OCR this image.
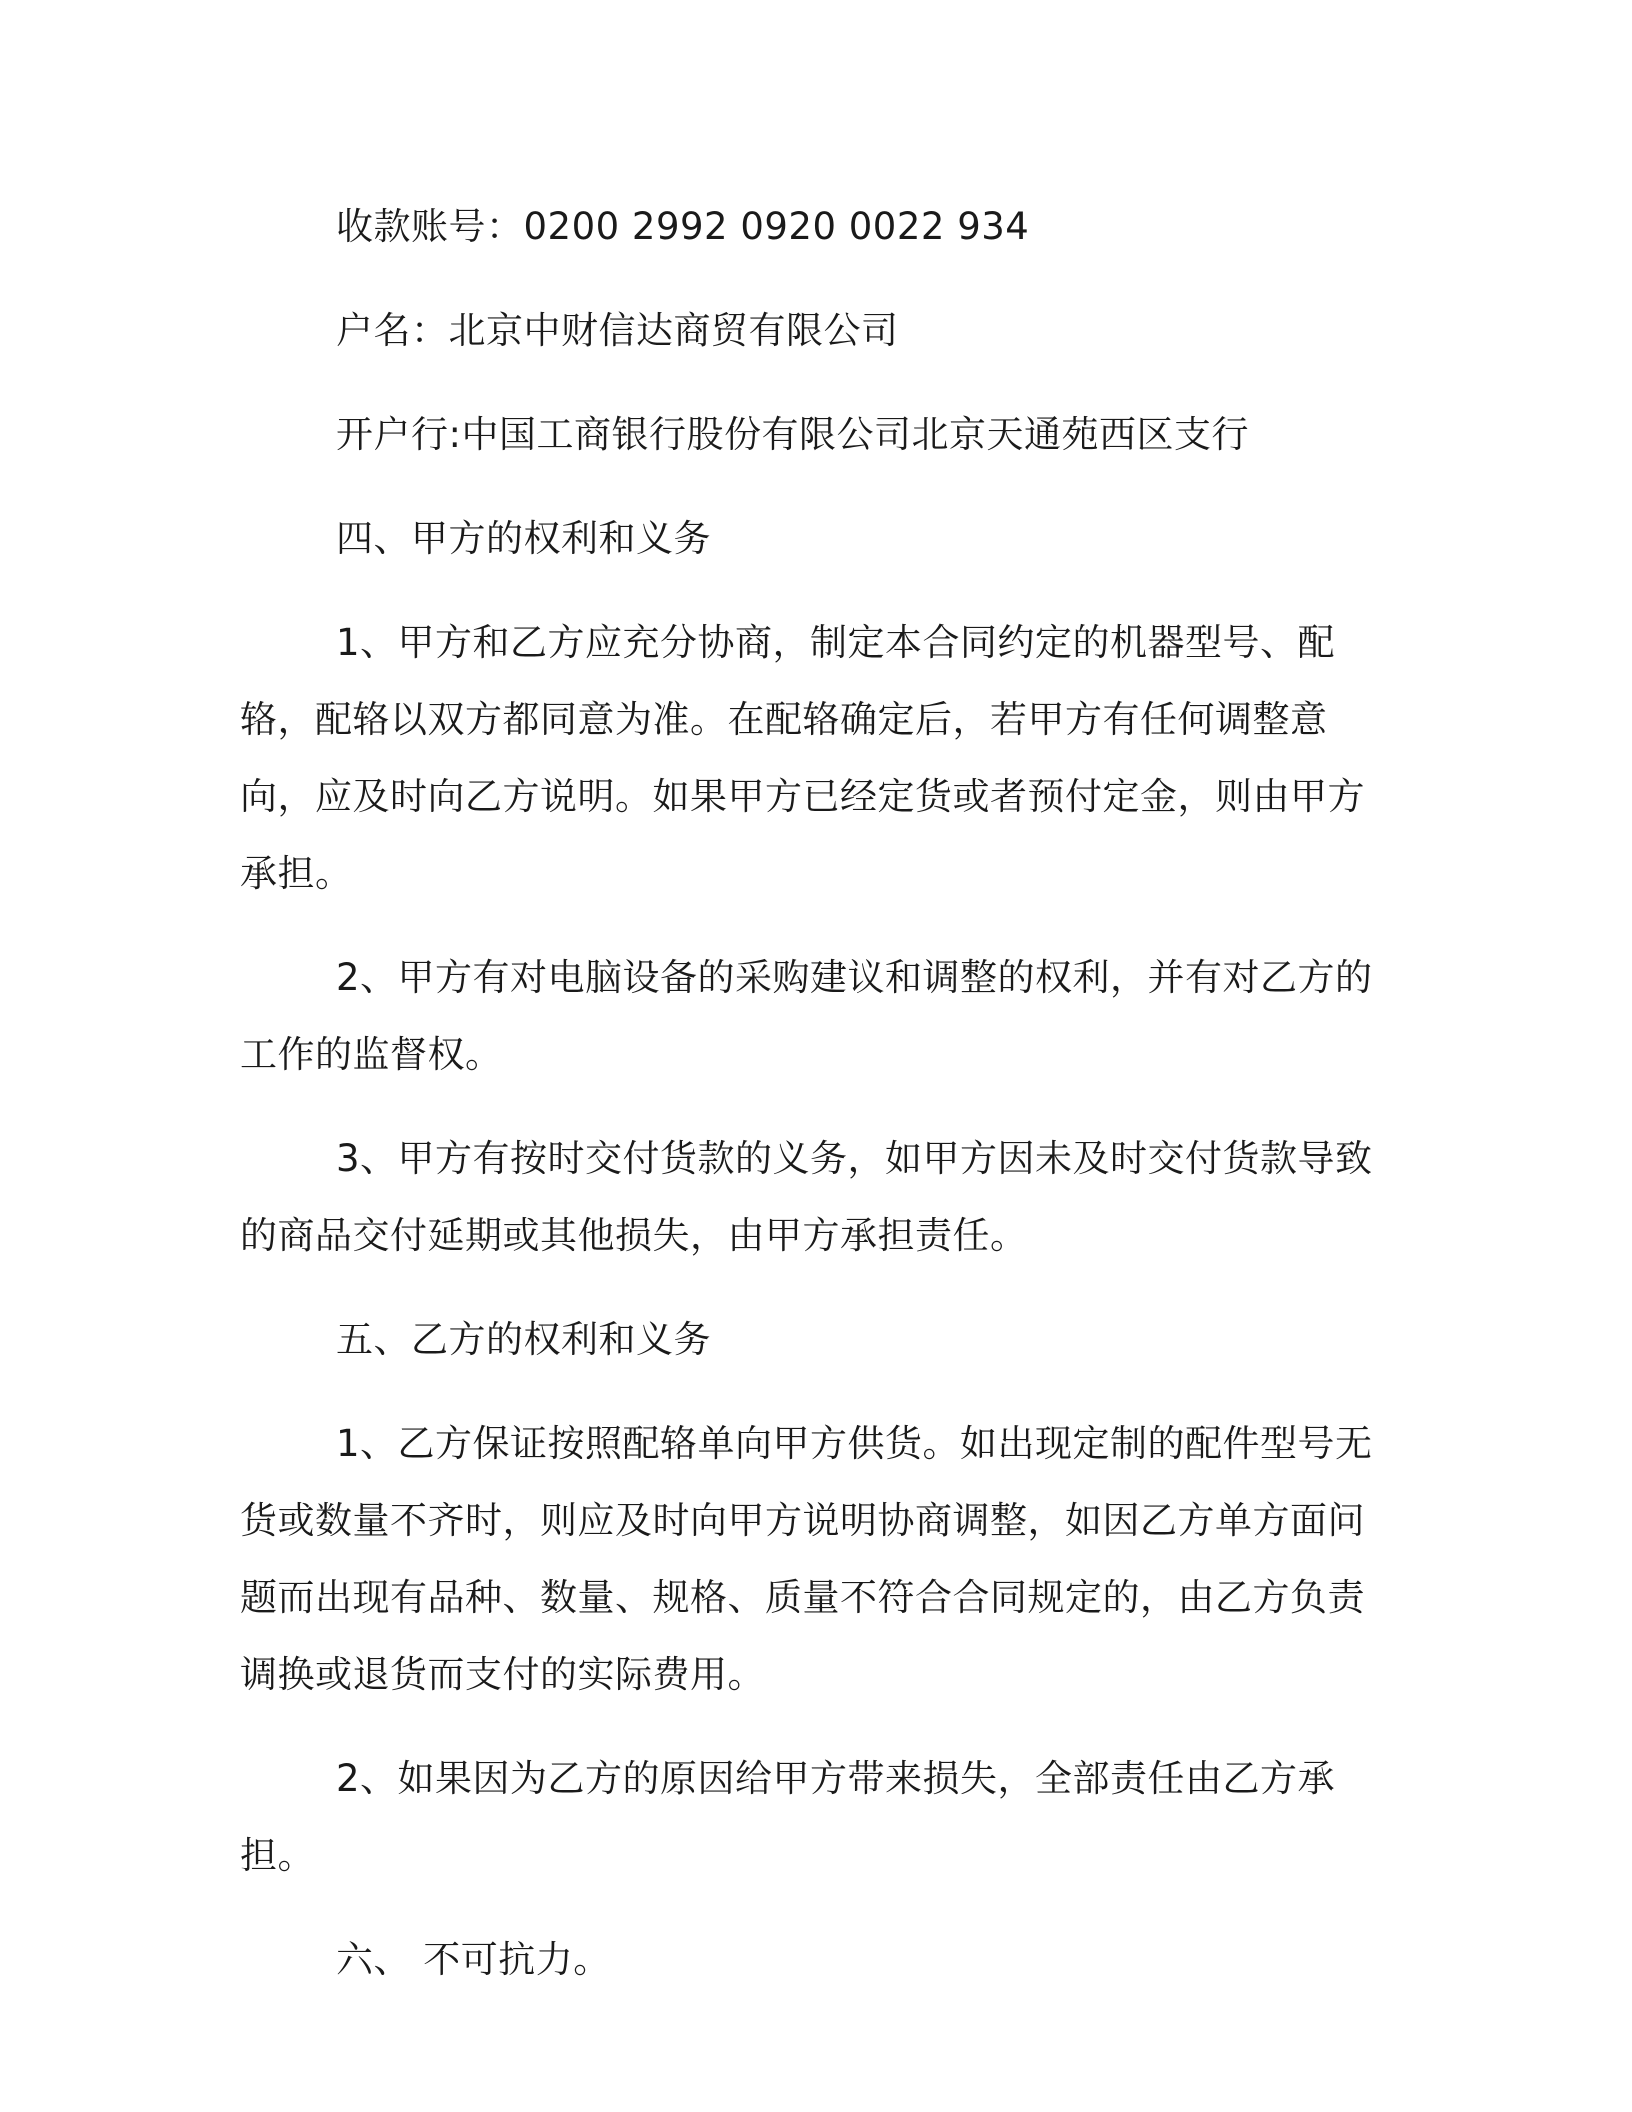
收款账号：0200 2992 0920 0022 934

户名：北京中财信达商贸有限公司

开户行:中国工商银行股份有限公司北京天通苑西区支行

四、甲方的权利和义务

1、甲方和乙方应充分协商，制定本合同约定的机器型号、配辂，配辂以双方都同意为准。在配辂确定后，若甲方有任何调整意向，应及时向乙方说明。如果甲方已经定货或者预付定金，则由甲方承担。

2、甲方有对电脑设备的采购建议和调整的权利，并有对乙方的工作的监督权。

3、甲方有按时交付货款的义务，如甲方因未及时交付货款导致的商品交付延期或其他损失，由甲方承担责任。

五、乙方的权利和义务

1、乙方保证按照配辂单向甲方供货。如出现定制的配件型号无货或数量不齐时，则应及时向甲方说明协商调整，如因乙方单方面问题而出现有品种、数量、规格、质量不符合合同规定的，由乙方负责调换或退货而支付的实际费用。

2、如果因为乙方的原因给甲方带来损失，全部责任由乙方承担。

六、 不可抗力。
